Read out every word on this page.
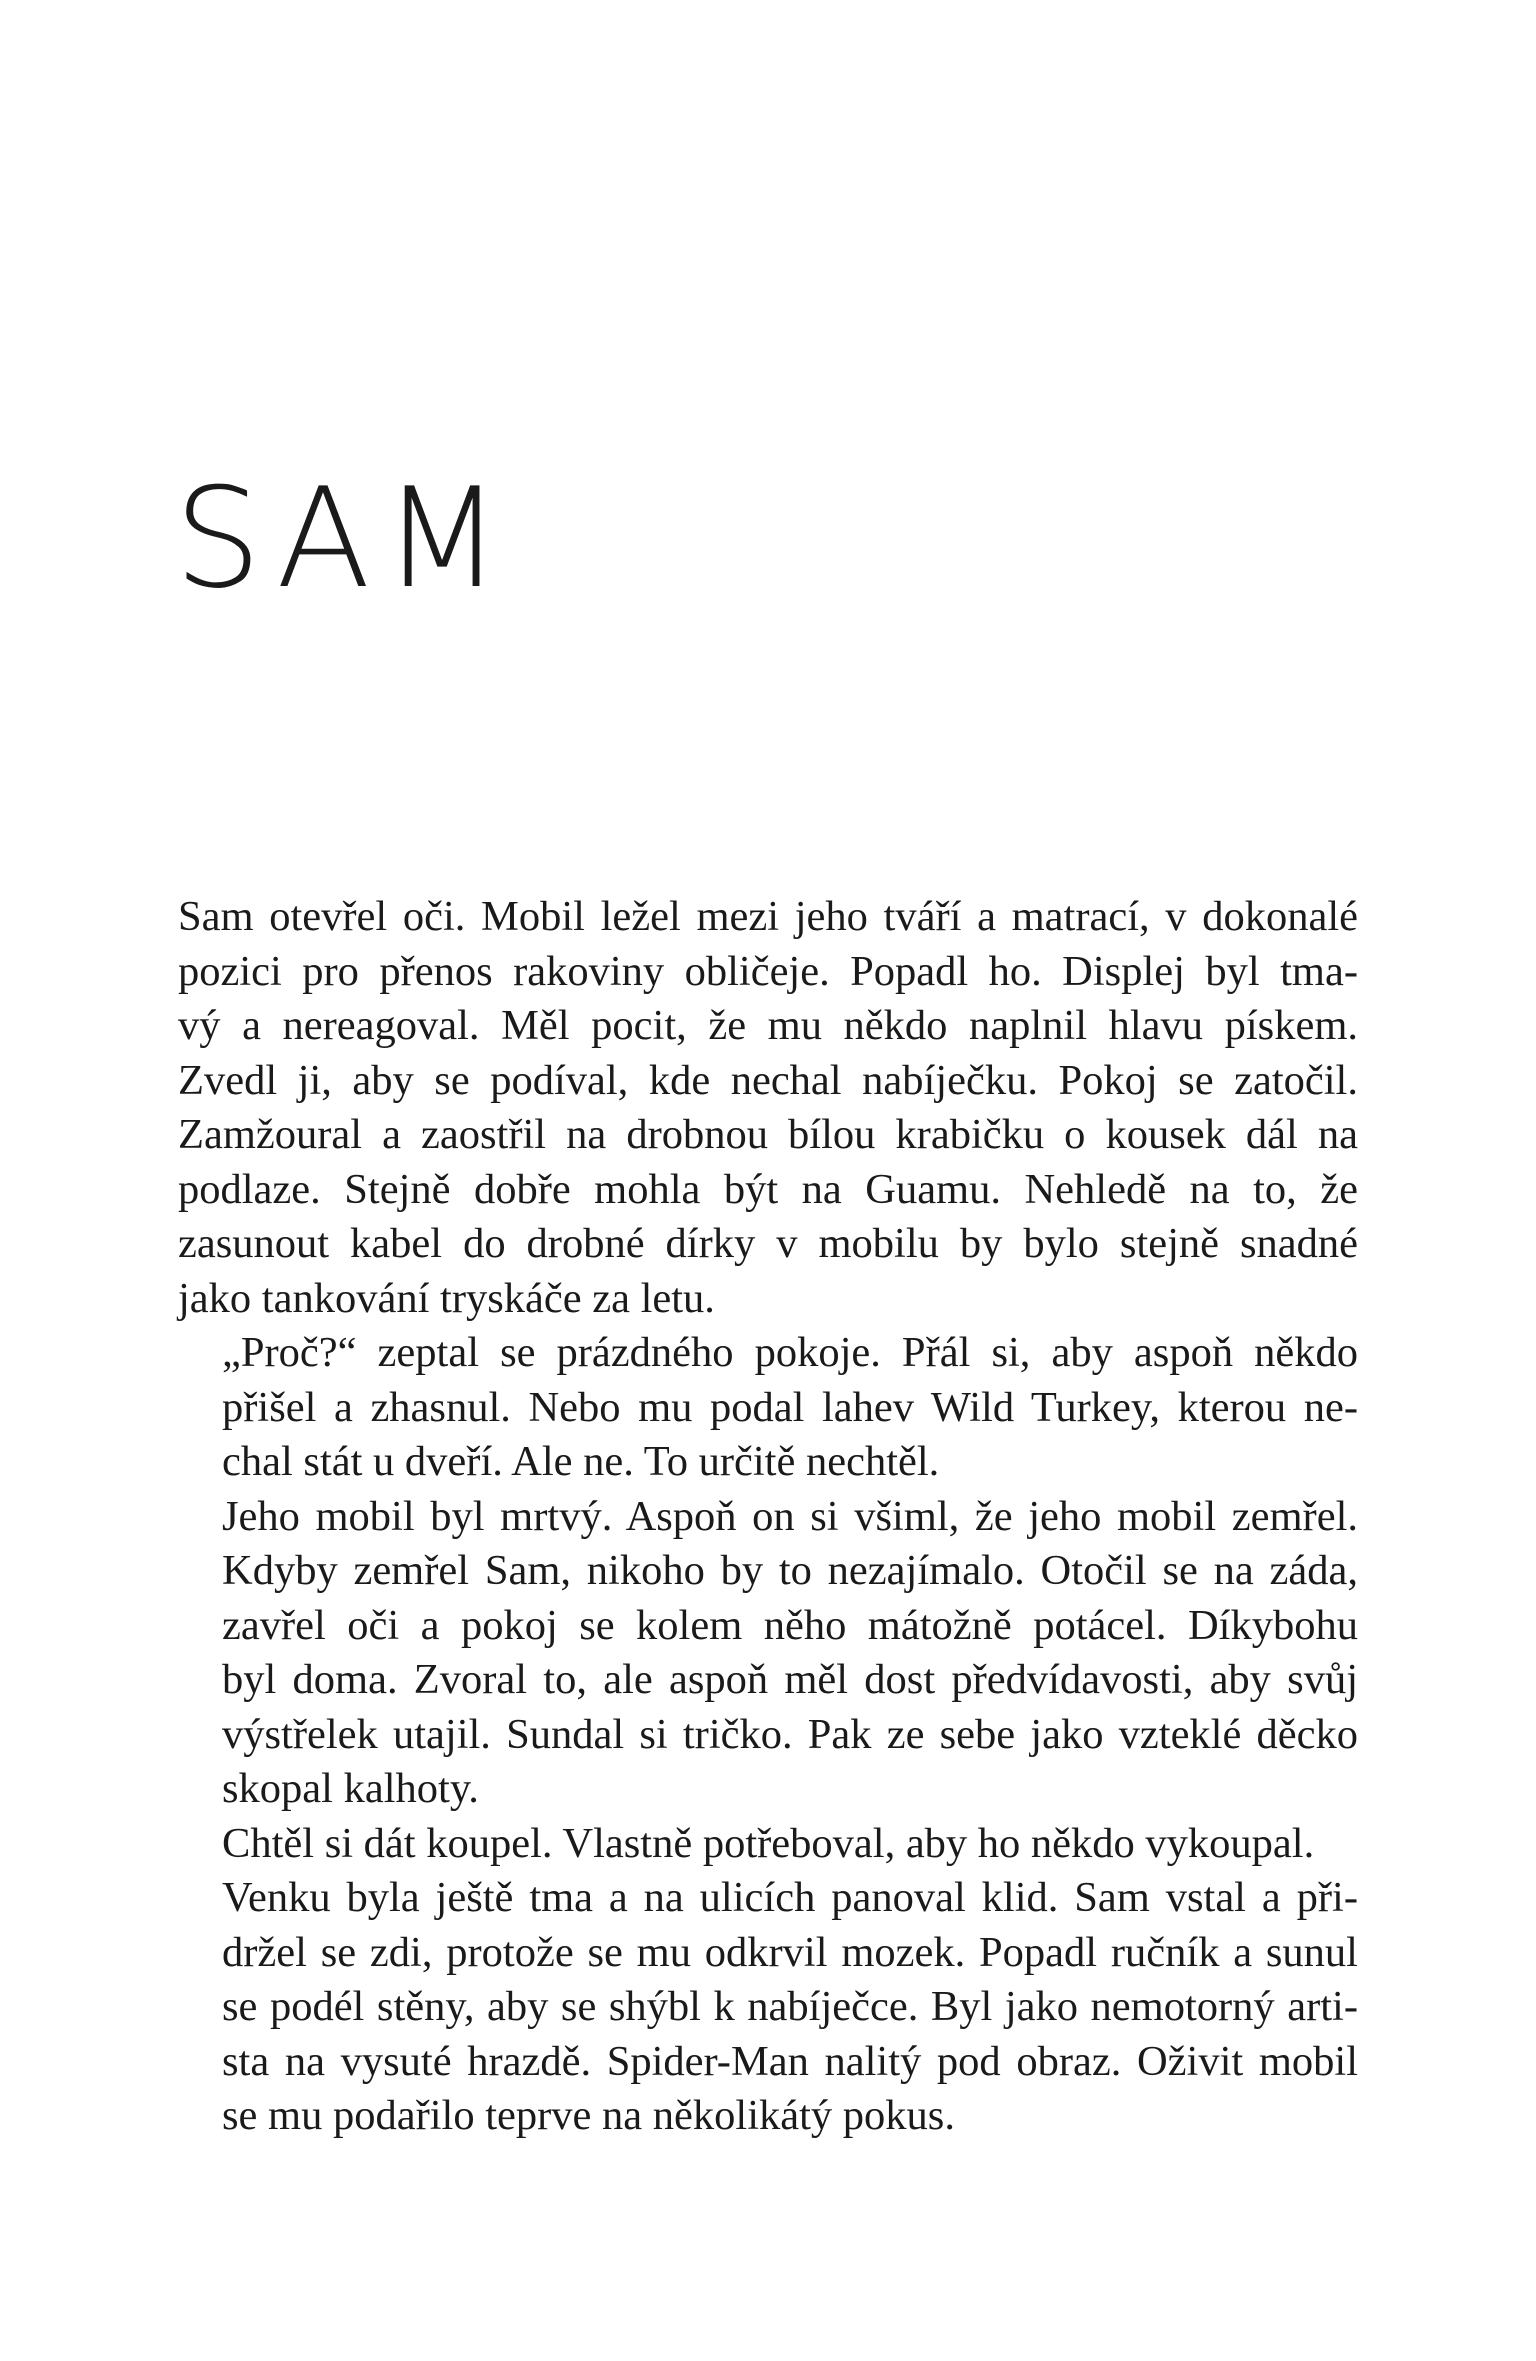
SAM

Sam otevřel oči. Mobil ležel mezi jeho tváří a matrací, v dokonalé
pozici pro přenos rakoviny obličeje. Popadl ho. Displej byl tma-
vý a nereagoval. Měl pocit, že mu někdo naplnil hlavu pískem.
Zvedl ji, aby se podíval, kde nechal nabíječku. Pokoj se zatočil.
Zamžoural a zaostřil na drobnou bílou krabičku o kousek dál na
podlaze. Stejně dobře mohla být na Guamu. Nehledě na to, že
zasunout kabel do drobné dírky v mobilu by bylo stejně snadné
jako tankování tryskáče za letu.

„Proč?“ zeptal se prázdného pokoje. Přál si, aby aspoň někdo
přišel a zhasnul. Nebo mu podal lahev Wild Turkey, kterou ne-
chal stát u dveří. Ale ne. To určitě nechtěl.

Jeho mobil byl mrtvý. Aspoň on si všiml, že jeho mobil zemřel.
Kdyby zemřel Sam, nikoho by to nezajímalo. Otočil se na záda,
zavřel oči a pokoj se kolem něho mátožně potácel. Díkybohu
byl doma. Zvoral to, ale aspoň měl dost předvídavosti, aby svůj
výstřelek utajil. Sundal si tričko. Pak ze sebe jako vzteklé děcko
skopal kalhoty.

Chtěl si dát koupel. Vlastně potřeboval, aby ho někdo vykoupal.

Venku byla ještě tma a na ulicích panoval klid. Sam vstal a při-
držel se zdi, protože se mu odkrvil mozek. Popadl ručník a sunul
se podél stěny, aby se shýbl k nabíječce. Byl jako nemotorný arti-
sta na vysuté hrazdě. Spider-Man nalitý pod obraz. Oživit mobil
se mu podařilo teprve na několikátý pokus.
